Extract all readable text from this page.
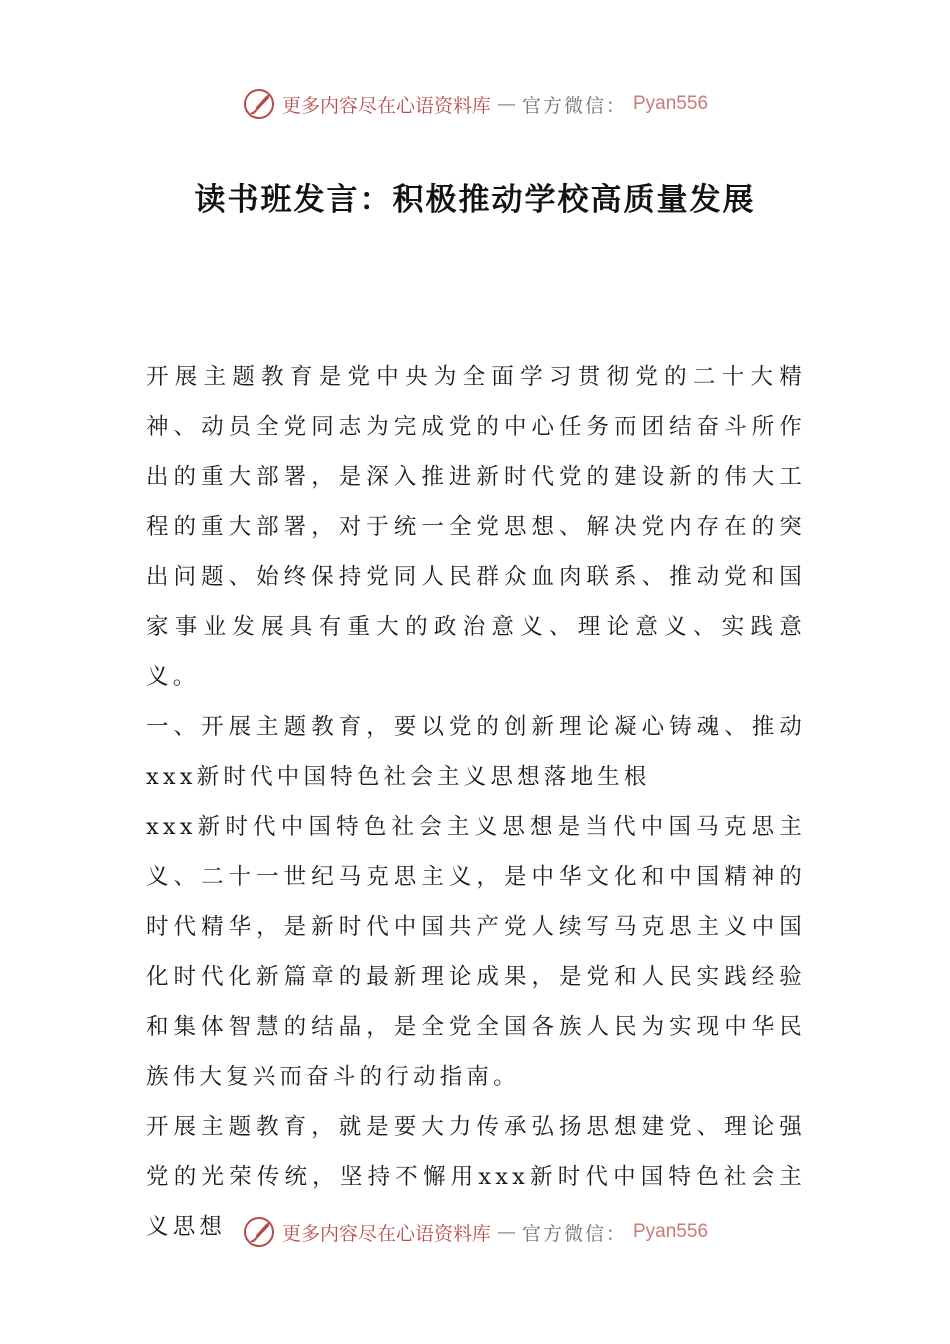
更多内容尽在心语资料库 — 官方微信： Pyan556
读书班发言：积极推动学校高质量发展

开展主题教育是党中央为全面学习贯彻党的二十大精神、动员全党同志为完成党的中心任务而团结奋斗所作出的重大部署，是深入推进新时代党的建设新的伟大工程的重大部署，对于统一全党思想、解决党内存在的突出问题、始终保持党同人民群众血肉联系、推动党和国家事业发展具有重大的政治意义、理论意义、实践意义。

一、开展主题教育，要以党的创新理论凝心铸魂、推动xxx新时代中国特色社会主义思想落地生根

xxx新时代中国特色社会主义思想是当代中国马克思主义、二十一世纪马克思主义，是中华文化和中国精神的时代精华，是新时代中国共产党人续写马克思主义中国化时代化新篇章的最新理论成果，是党和人民实践经验和集体智慧的结晶，是全党全国各族人民为实现中华民族伟大复兴而奋斗的行动指南。

开展主题教育，就是要大力传承弘扬思想建党、理论强党的光荣传统，坚持不懈用xxx新时代中国特色社会主义思想	更多内容尽在心语资料库 — 官方微信： Pyan556
